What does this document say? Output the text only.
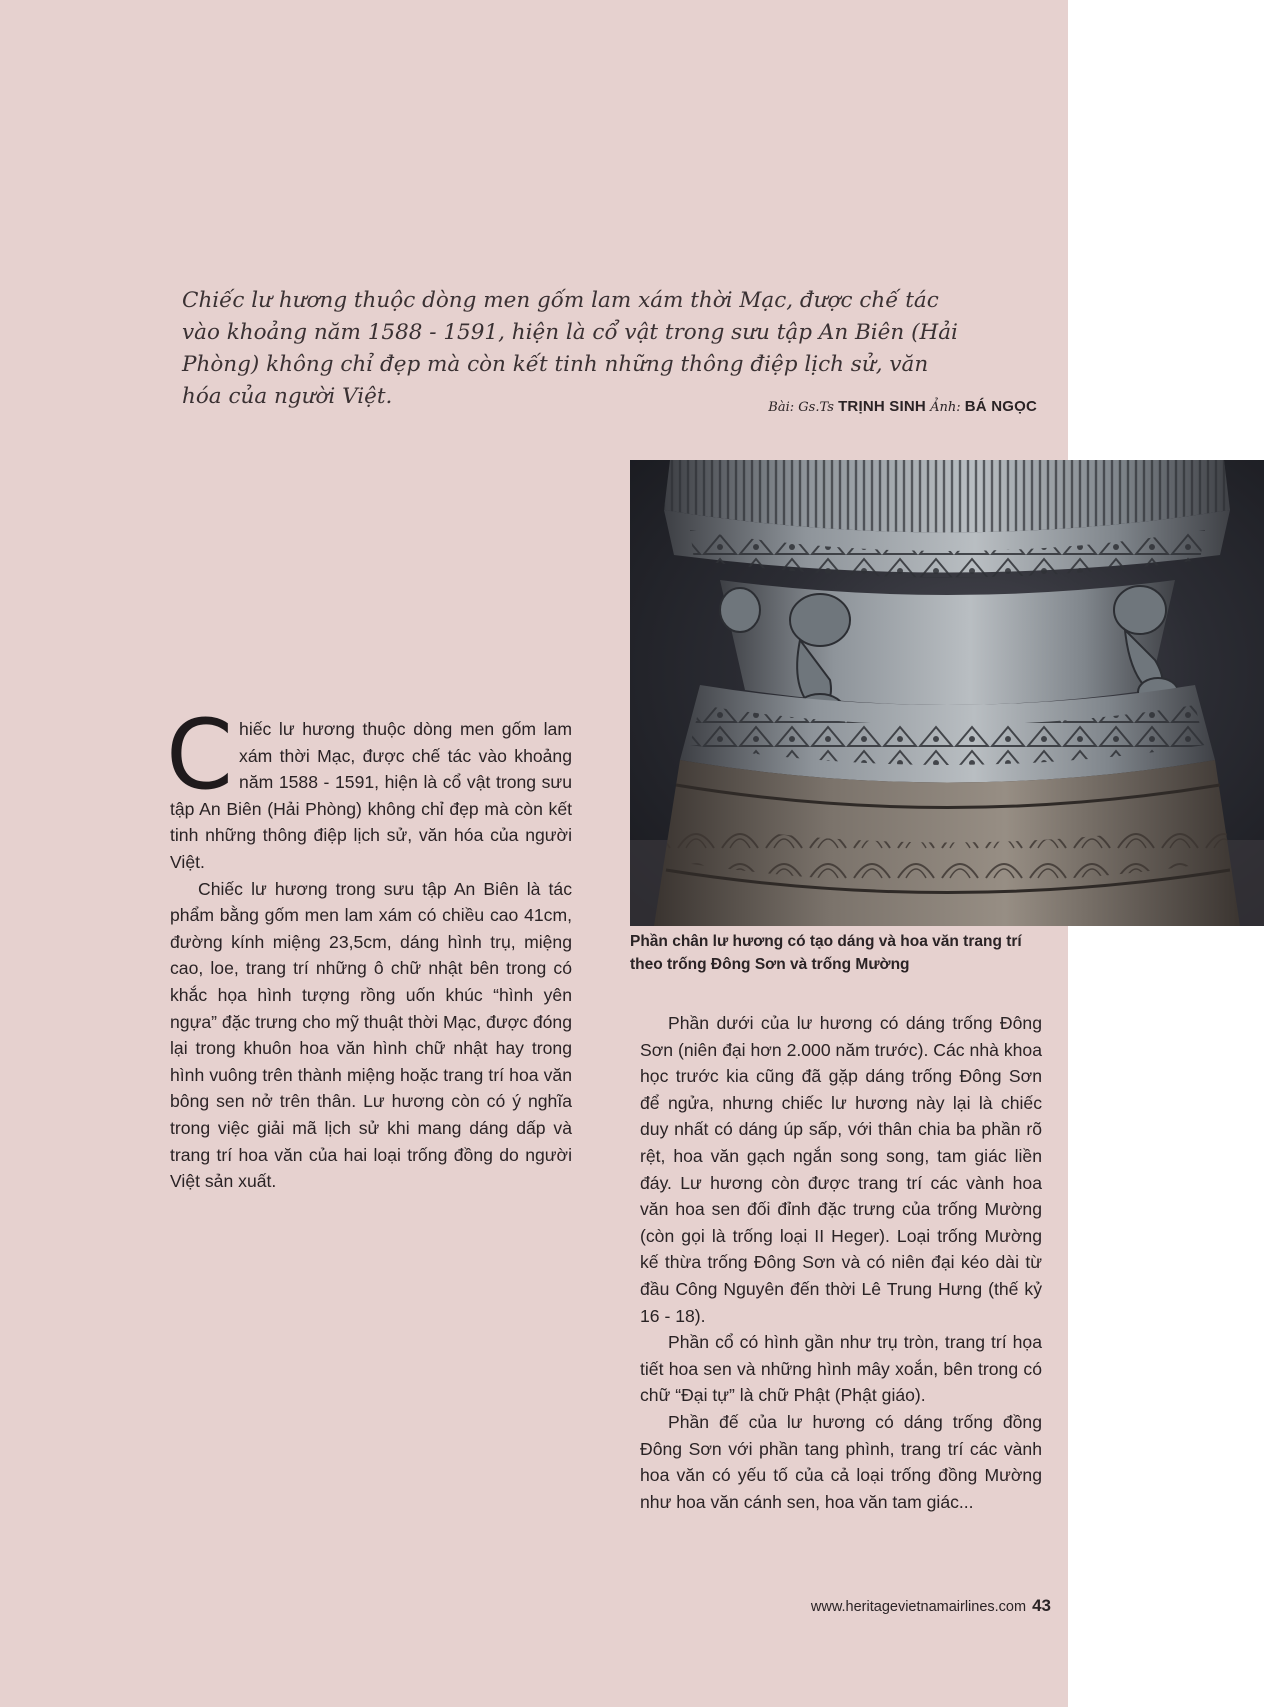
Chiếc lư hương thuộc dòng men gốm lam xám thời Mạc, được chế tác vào khoảng năm 1588 - 1591, hiện là cổ vật trong sưu tập An Biên (Hải Phòng) không chỉ đẹp mà còn kết tinh những thông điệp lịch sử, văn hóa của người Việt.	Bài: Gs.Ts TRỊNH SINH Ảnh: BÁ NGỌC

Chiếc lư hương thuộc dòng men gốm lam xám thời Mạc, được chế tác vào khoảng năm 1588 - 1591, hiện là cổ vật trong sưu tập An Biên (Hải Phòng) không chỉ đẹp mà còn kết tinh những thông điệp lịch sử, văn hóa của người Việt.

Chiếc lư hương trong sưu tập An Biên là tác phẩm bằng gốm men lam xám có chiều cao 41cm, đường kính miệng 23,5cm, dáng hình trụ, miệng cao, loe, trang trí những ô chữ nhật bên trong có khắc họa hình tượng rồng uốn khúc “hình yên ngựa” đặc trưng cho mỹ thuật thời Mạc, được đóng lại trong khuôn hoa văn hình chữ nhật hay trong hình vuông trên thành miệng hoặc trang trí hoa văn bông sen nở trên thân. Lư hương còn có ý nghĩa trong việc giải mã lịch sử khi mang dáng dấp và trang trí hoa văn của hai loại trống đồng do người Việt sản xuất.

Phần chân lư hương có tạo dáng và hoa văn trang trí theo trống Đông Sơn và trống Mường

Phần dưới của lư hương có dáng trống Đông Sơn (niên đại hơn 2.000 năm trước). Các nhà khoa học trước kia cũng đã gặp dáng trống Đông Sơn để ngửa, nhưng chiếc lư hương này lại là chiếc duy nhất có dáng úp sấp, với thân chia ba phần rõ rệt, hoa văn gạch ngắn song song, tam giác liền đáy. Lư hương còn được trang trí các vành hoa văn hoa sen đối đỉnh đặc trưng của trống Mường (còn gọi là trống loại II Heger). Loại trống Mường kế thừa trống Đông Sơn và có niên đại kéo dài từ đầu Công Nguyên đến thời Lê Trung Hưng (thế kỷ 16 - 18).

Phần cổ có hình gần như trụ tròn, trang trí họa tiết hoa sen và những hình mây xoắn, bên trong có chữ “Đại tự” là chữ Phật (Phật giáo).

Phần đế của lư hương có dáng trống đồng Đông Sơn với phần tang phình, trang trí các vành hoa văn có yếu tố của cả loại trống đồng Mường như hoa văn cánh sen, hoa văn tam giác...

www.heritagevietnamairlines.com 43
